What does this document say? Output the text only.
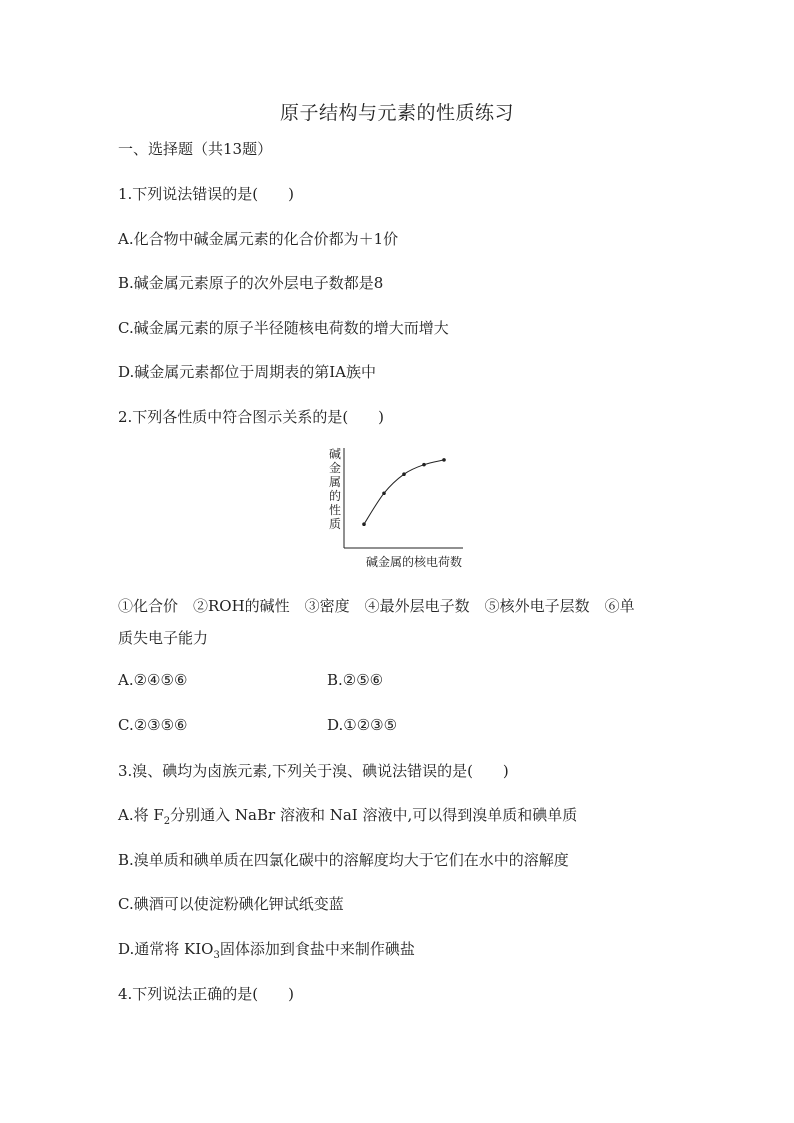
原子结构与元素的性质练习
一、选择题（共13题）
1.下列说法错误的是(　　)
A.化合物中碱金属元素的化合价都为＋1价
B.碱金属元素原子的次外层电子数都是8
C.碱金属元素的原子半径随核电荷数的增大而增大
D.碱金属元素都位于周期表的第ⅠA族中
2.下列各性质中符合图示关系的是(　　)
碱金属的性质
碱金属的核电荷数
①化合价　②ROH的碱性　③密度　④最外层电子数　⑤核外电子层数　⑥单
质失电子能力
A.②④⑤⑥	B.②⑤⑥
C.②③⑤⑥	D.①②③⑤
3.溴、碘均为卤族元素,下列关于溴、碘说法错误的是(　　)
A.将 $F_2$分别通入 NaBr 溶液和 NaI 溶液中,可以得到溴单质和碘单质
B.溴单质和碘单质在四氯化碳中的溶解度均大于它们在水中的溶解度
C.碘酒可以使淀粉碘化钾试纸变蓝
D.通常将 $KIO_3$固体添加到食盐中来制作碘盐
4.下列说法正确的是(　　)
